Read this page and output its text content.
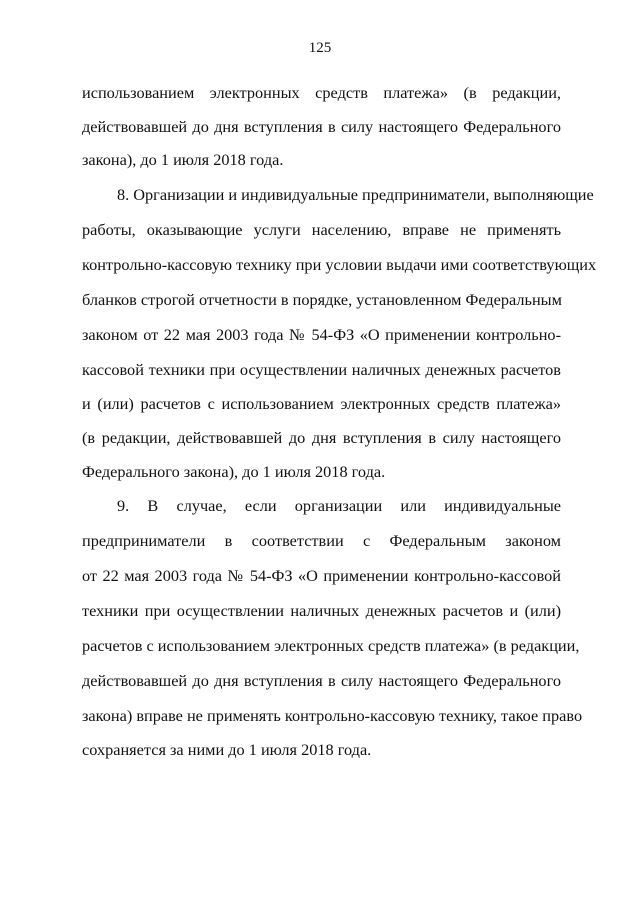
125
использованием электронных средств платежа» (в редакции,
действовавшей до дня вступления в силу настоящего Федерального
закона), до 1 июля 2018 года.
8. Организации и индивидуальные предприниматели, выполняющие
работы, оказывающие услуги населению, вправе не применять
контрольно-кассовую технику при условии выдачи ими соответствующих
бланков строгой отчетности в порядке, установленном Федеральным
законом от 22 мая 2003 года № 54-ФЗ «О применении контрольно-
кассовой техники при осуществлении наличных денежных расчетов
и (или) расчетов с использованием электронных средств платежа»
(в редакции, действовавшей до дня вступления в силу настоящего
Федерального закона), до 1 июля 2018 года.
9. В случае, если организации или индивидуальные
предприниматели в соответствии с Федеральным законом
от 22 мая 2003 года № 54-ФЗ «О применении контрольно-кассовой
техники при осуществлении наличных денежных расчетов и (или)
расчетов с использованием электронных средств платежа» (в редакции,
действовавшей до дня вступления в силу настоящего Федерального
закона) вправе не применять контрольно-кассовую технику, такое право
сохраняется за ними до 1 июля 2018 года.
